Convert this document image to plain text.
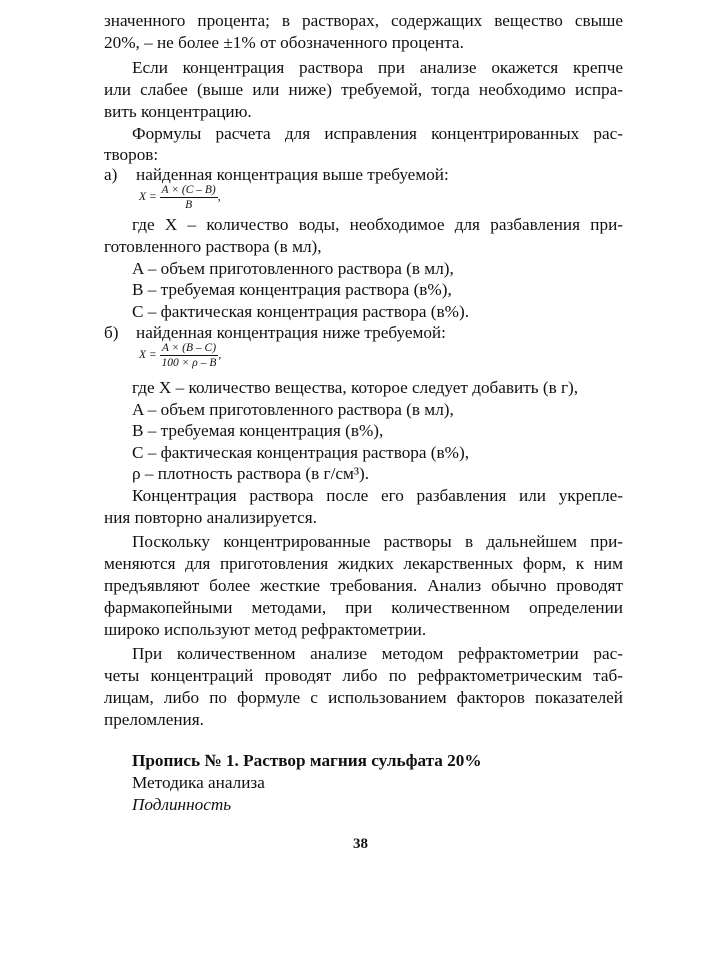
значенного процента; в растворах, содержащих вещество свыше
20%, – не более ±1% от обозначенного процента.
Если концентрация раствора при анализе окажется крепче
или слабее (выше или ниже) требуемой, тогда необходимо испра-
вить концентрацию.
Формулы расчета для исправления концентрированных рас-
творов:
а) найденная концентрация выше требуемой:
$X = \frac{A \times (C - B)}{B}$ ,
где X – количество воды, необходимое для разбавления при-
готовленного раствора (в мл),
A – объем приготовленного раствора (в мл),
B – требуемая концентрация раствора (в%),
C – фактическая концентрация раствора (в%).
б) найденная концентрация ниже требуемой:
$X = \frac{A \times (B - C)}{100 \times \rho - B}$ ,
где X – количество вещества, которое следует добавить (в г),
A – объем приготовленного раствора (в мл),
B – требуемая концентрация (в%),
C – фактическая концентрация раствора (в%),
ρ – плотность раствора (в г/см³).
Концентрация раствора после его разбавления или укрепле-
ния повторно анализируется.
Поскольку концентрированные растворы в дальнейшем при-
меняются для приготовления жидких лекарственных форм, к ним
предъявляют более жесткие требования. Анализ обычно проводят
фармакопейными методами, при количественном определении
широко используют метод рефрактометрии.
При количественном анализе методом рефрактометрии рас-
четы концентраций проводят либо по рефрактометрическим таб-
лицам, либо по формуле с использованием факторов показателей
преломления.
Пропись № 1. Раствор магния сульфата 20%
Методика анализа
Подлинность
38
